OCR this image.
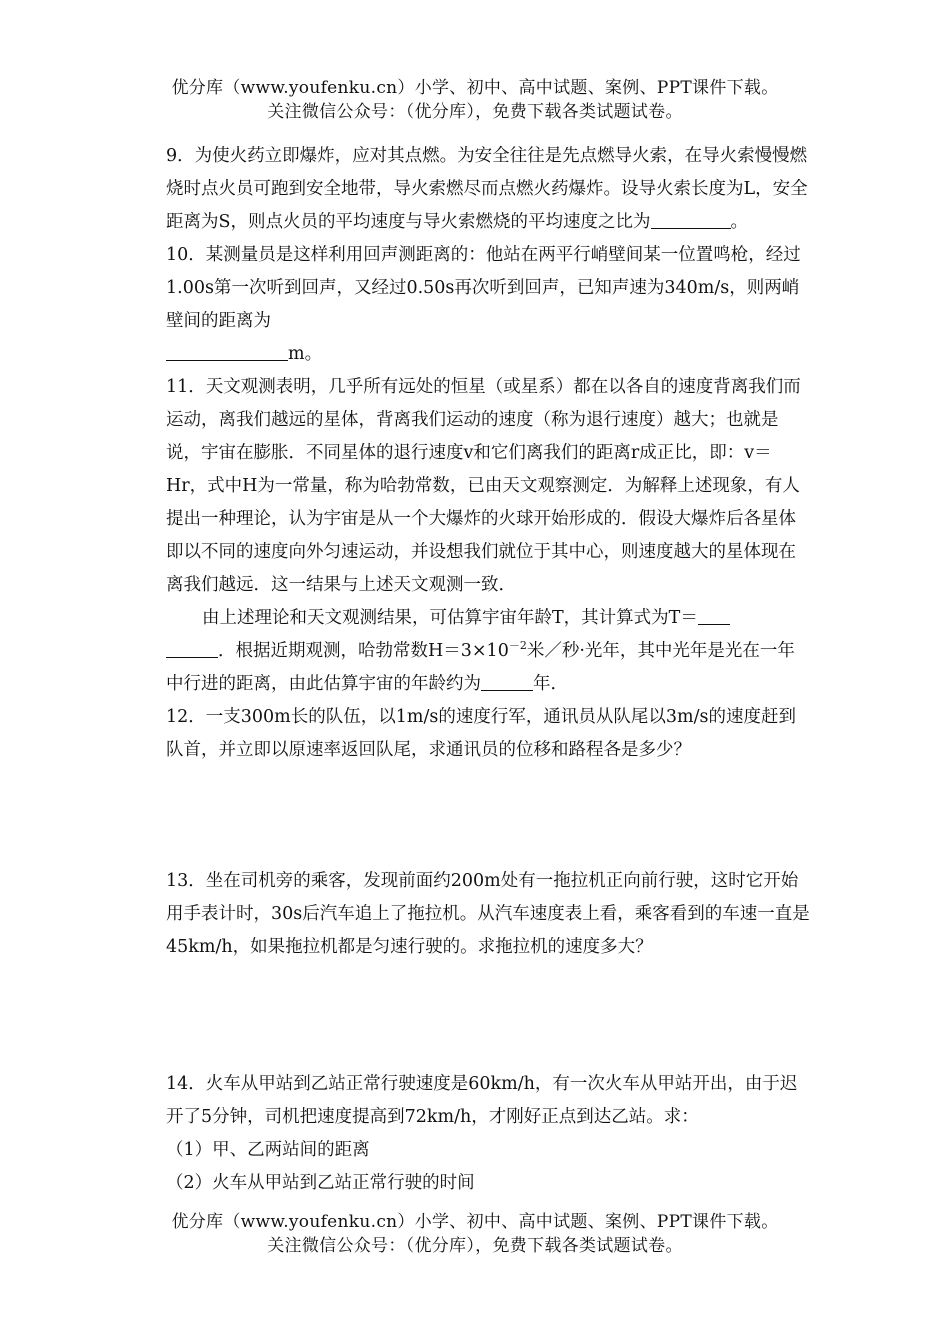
优分库（www.youfenku.cn）小学、初中、高中试题、案例、PPT课件下载。
关注微信公众号：（优分库），免费下载各类试题试卷。

9．为使火药立即爆炸，应对其点燃。为安全往往是先点燃导火索，在导火索慢慢燃烧时点火员可跑到安全地带，导火索燃尽而点燃火药爆炸。设导火索长度为L，安全距离为S，则点火员的平均速度与导火索燃烧的平均速度之比为	。

10．某测量员是这样利用回声测距离的：他站在两平行峭壁间某一位置鸣枪，经过1.00s第一次听到回声，又经过0.50s再次听到回声，已知声速为340m/s，则两峭壁间的距离为
m。

11．天文观测表明，几乎所有远处的恒星（或星系）都在以各自的速度背离我们而运动，离我们越远的星体，背离我们运动的速度（称为退行速度）越大；也就是说，宇宙在膨胀．不同星体的退行速度v和它们离我们的距离r成正比，即：v＝Hr，式中H为一常量，称为哈勃常数，已由天文观察测定．为解释上述现象，有人提出一种理论，认为宇宙是从一个大爆炸的火球开始形成的．假设大爆炸后各星体即以不同的速度向外匀速运动，并设想我们就位于其中心，则速度越大的星体现在离我们越远．这一结果与上述天文观测一致．

由上述理论和天文观测结果，可估算宇宙年龄T，其计算式为T＝
．根据近期观测，哈勃常数$H=3\times 10^{-2}$米／秒·光年，其中光年是光在一年中行进的距离，由此估算宇宙的年龄约为	年．

12．一支300m长的队伍，以1m/s的速度行军，通讯员从队尾以3m/s的速度赶到队首，并立即以原速率返回队尾，求通讯员的位移和路程各是多少？

13．坐在司机旁的乘客，发现前面约200m处有一拖拉机正向前行驶，这时它开始用手表计时，30s后汽车追上了拖拉机。从汽车速度表上看，乘客看到的车速一直是45km/h，如果拖拉机都是匀速行驶的。求拖拉机的速度多大？

14．火车从甲站到乙站正常行驶速度是60km/h，有一次火车从甲站开出，由于迟开了5分钟，司机把速度提高到72km/h，才刚好正点到达乙站。求：

（1）甲、乙两站间的距离

（2）火车从甲站到乙站正常行驶的时间

优分库（www.youfenku.cn）小学、初中、高中试题、案例、PPT课件下载。
关注微信公众号：（优分库），免费下载各类试题试卷。
